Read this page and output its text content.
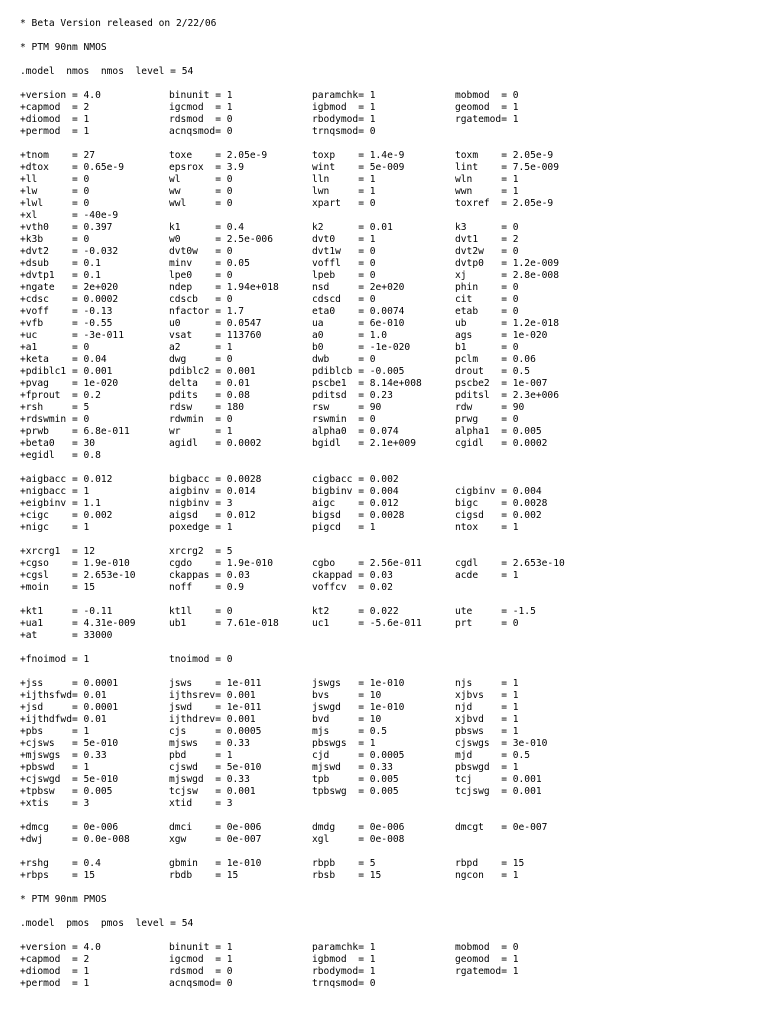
* Beta Version released on 2/22/06
* PTM 90nm NMOS
.model  nmos  nmos  level = 54
+version = 4.0	binunit = 1	paramchk= 1	mobmod  = 0
+capmod  = 2	igcmod  = 1	igbmod  = 1	geomod  = 1
+diomod  = 1	rdsmod  = 0	rbodymod= 1	rgatemod= 1
+permod  = 1	acnqsmod= 0	trnqsmod= 0
+tnom    = 27	toxe    = 2.05e-9	toxp    = 1.4e-9	toxm    = 2.05e-9
+dtox    = 0.65e-9	epsrox  = 3.9	wint    = 5e-009	lint    = 7.5e-009
+ll      = 0	wl      = 0	lln     = 1	wln     = 1
+lw      = 0	ww      = 0	lwn     = 1	wwn     = 1
+lwl     = 0	wwl     = 0	xpart   = 0	toxref  = 2.05e-9
+xl      = -40e-9
+vth0    = 0.397	k1      = 0.4	k2      = 0.01	k3      = 0
+k3b     = 0	w0      = 2.5e-006	dvt0    = 1	dvt1    = 2
+dvt2    = -0.032	dvt0w   = 0	dvt1w   = 0	dvt2w   = 0
+dsub    = 0.1	minv    = 0.05	voffl   = 0	dvtp0   = 1.2e-009
+dvtp1   = 0.1	lpe0    = 0	lpeb    = 0	xj      = 2.8e-008
+ngate   = 2e+020	ndep    = 1.94e+018	nsd     = 2e+020	phin    = 0
+cdsc    = 0.0002	cdscb   = 0	cdscd   = 0	cit     = 0
+voff    = -0.13	nfactor = 1.7	eta0    = 0.0074	etab    = 0
+vfb     = -0.55	u0      = 0.0547	ua      = 6e-010	ub      = 1.2e-018
+uc      = -3e-011	vsat    = 113760	a0      = 1.0	ags     = 1e-020
+a1      = 0	a2      = 1	b0      = -1e-020	b1      = 0
+keta    = 0.04	dwg     = 0	dwb     = 0	pclm    = 0.06
+pdiblc1 = 0.001	pdiblc2 = 0.001	pdiblcb = -0.005	drout   = 0.5
+pvag    = 1e-020	delta   = 0.01	pscbe1  = 8.14e+008	pscbe2  = 1e-007
+fprout  = 0.2	pdits   = 0.08	pditsd  = 0.23	pditsl  = 2.3e+006
+rsh     = 5	rdsw    = 180	rsw     = 90	rdw     = 90
+rdswmin = 0	rdwmin  = 0	rswmin  = 0	prwg    = 0
+prwb    = 6.8e-011	wr      = 1	alpha0  = 0.074	alpha1  = 0.005
+beta0   = 30	agidl   = 0.0002	bgidl   = 2.1e+009	cgidl   = 0.0002
+egidl   = 0.8
+aigbacc = 0.012	bigbacc = 0.0028	cigbacc = 0.002
+nigbacc = 1	aigbinv = 0.014	bigbinv = 0.004	cigbinv = 0.004
+eigbinv = 1.1	nigbinv = 3	aigc    = 0.012	bigc    = 0.0028
+cigc    = 0.002	aigsd   = 0.012	bigsd   = 0.0028	cigsd   = 0.002
+nigc    = 1	poxedge = 1	pigcd   = 1	ntox    = 1
+xrcrg1  = 12	xrcrg2  = 5
+cgso    = 1.9e-010	cgdo    = 1.9e-010	cgbo    = 2.56e-011	cgdl    = 2.653e-10
+cgsl    = 2.653e-10	ckappas = 0.03	ckappad = 0.03	acde    = 1
+moin    = 15	noff    = 0.9	voffcv  = 0.02
+kt1     = -0.11	kt1l    = 0	kt2     = 0.022	ute     = -1.5
+ua1     = 4.31e-009	ub1     = 7.61e-018	uc1     = -5.6e-011	prt     = 0
+at      = 33000
+fnoimod = 1	tnoimod = 0
+jss     = 0.0001	jsws    = 1e-011	jswgs   = 1e-010	njs     = 1
+ijthsfwd= 0.01	ijthsrev= 0.001	bvs     = 10	xjbvs   = 1
+jsd     = 0.0001	jswd    = 1e-011	jswgd   = 1e-010	njd     = 1
+ijthdfwd= 0.01	ijthdrev= 0.001	bvd     = 10	xjbvd   = 1
+pbs     = 1	cjs     = 0.0005	mjs     = 0.5	pbsws   = 1
+cjsws   = 5e-010	mjsws   = 0.33	pbswgs  = 1	cjswgs  = 3e-010
+mjswgs  = 0.33	pbd     = 1	cjd     = 0.0005	mjd     = 0.5
+pbswd   = 1	cjswd   = 5e-010	mjswd   = 0.33	pbswgd  = 1
+cjswgd  = 5e-010	mjswgd  = 0.33	tpb     = 0.005	tcj     = 0.001
+tpbsw   = 0.005	tcjsw   = 0.001	tpbswg  = 0.005	tcjswg  = 0.001
+xtis    = 3	xtid    = 3
+dmcg    = 0e-006	dmci    = 0e-006	dmdg    = 0e-006	dmcgt   = 0e-007
+dwj     = 0.0e-008	xgw     = 0e-007	xgl     = 0e-008
+rshg    = 0.4	gbmin   = 1e-010	rbpb    = 5	rbpd    = 15
+rbps    = 15	rbdb    = 15	rbsb    = 15	ngcon   = 1
* PTM 90nm PMOS
.model  pmos  pmos  level = 54
+version = 4.0	binunit = 1	paramchk= 1	mobmod  = 0
+capmod  = 2	igcmod  = 1	igbmod  = 1	geomod  = 1
+diomod  = 1	rdsmod  = 0	rbodymod= 1	rgatemod= 1
+permod  = 1	acnqsmod= 0	trnqsmod= 0
